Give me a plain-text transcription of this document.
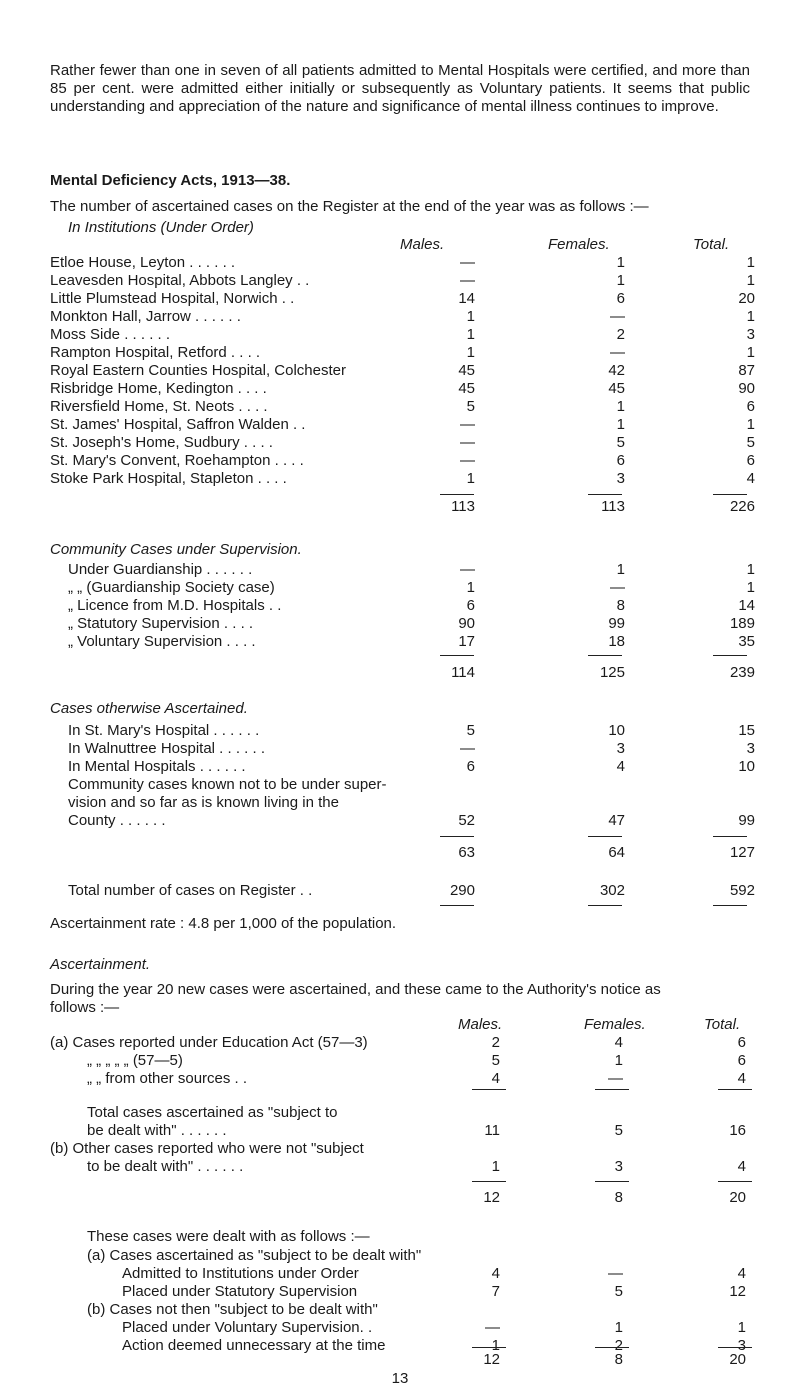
Rather fewer than one in seven of all patients admitted to Mental Hospitals were certified, and more than 85 per cent. were admitted either initially or subsequently as Voluntary patients. It seems that public understanding and appreciation of the nature and significance of mental illness continues to improve.

Mental Deficiency Acts, 1913—38.
The number of ascertained cases on the Register at the end of the year was as follows :—
In Institutions (Under Order)
Males.	Females.	Total.
Etloe House, Leyton . . . . . .	—	1	1
Leavesden Hospital, Abbots Langley . .	—	1	1
Little Plumstead Hospital, Norwich . .	14	6	20
Monkton Hall, Jarrow . . . . . .	1	—	1
Moss Side . . . . . .	1	2	3
Rampton Hospital, Retford . . . .	1	—	1
Royal Eastern Counties Hospital, Colchester	45	42	87
Risbridge Home, Kedington . . . .	45	45	90
Riversfield Home, St. Neots . . . .	5	1	6
St. James' Hospital, Saffron Walden . .	—	1	1
St. Joseph's Home, Sudbury . . . .	—	5	5
St. Mary's Convent, Roehampton . . . .	—	6	6
Stoke Park Hospital, Stapleton . . . .	1	3	4
113	113	226
Community Cases under Supervision.
Under Guardianship . . . . . .	—	1	1
„ „ (Guardianship Society case)	1	—	1
„ Licence from M.D. Hospitals . .	6	8	14
„ Statutory Supervision . . . .	90	99	189
„ Voluntary Supervision . . . .	17	18	35
114	125	239
Cases otherwise Ascertained.
In St. Mary's Hospital . . . . . .	5	10	15
In Walnuttree Hospital . . . . . .	—	3	3
In Mental Hospitals . . . . . .	6	4	10
Community cases known not to be under super-
vision and so far as is known living in the
County . . . . . .	52	47	99
63	64	127
Total number of cases on Register . .	290	302	592
Ascertainment rate : 4.8 per 1,000 of the population.
Ascertainment.
During the year 20 new cases were ascertained, and these came to the Authority's notice as
follows :—
Males.	Females.	Total.
(a) Cases reported under Education Act (57—3)	2	4	6
„ „ „ „ „ (57—5)	5	1	6
„ „ from other sources . .	4	—	4
Total cases ascertained as "subject to
be dealt with" . . . . . .	11	5	16
(b) Other cases reported who were not "subject
to be dealt with" . . . . . .	1	3	4
12	8	20
These cases were dealt with as follows :—
(a) Cases ascertained as "subject to be dealt with"
Admitted to Institutions under Order	4	—	4
Placed under Statutory Supervision	7	5	12
(b) Cases not then "subject to be dealt with"
Placed under Voluntary Supervision. .	—	1	1
Action deemed unnecessary at the time	1	2	3
12	8	20
13
